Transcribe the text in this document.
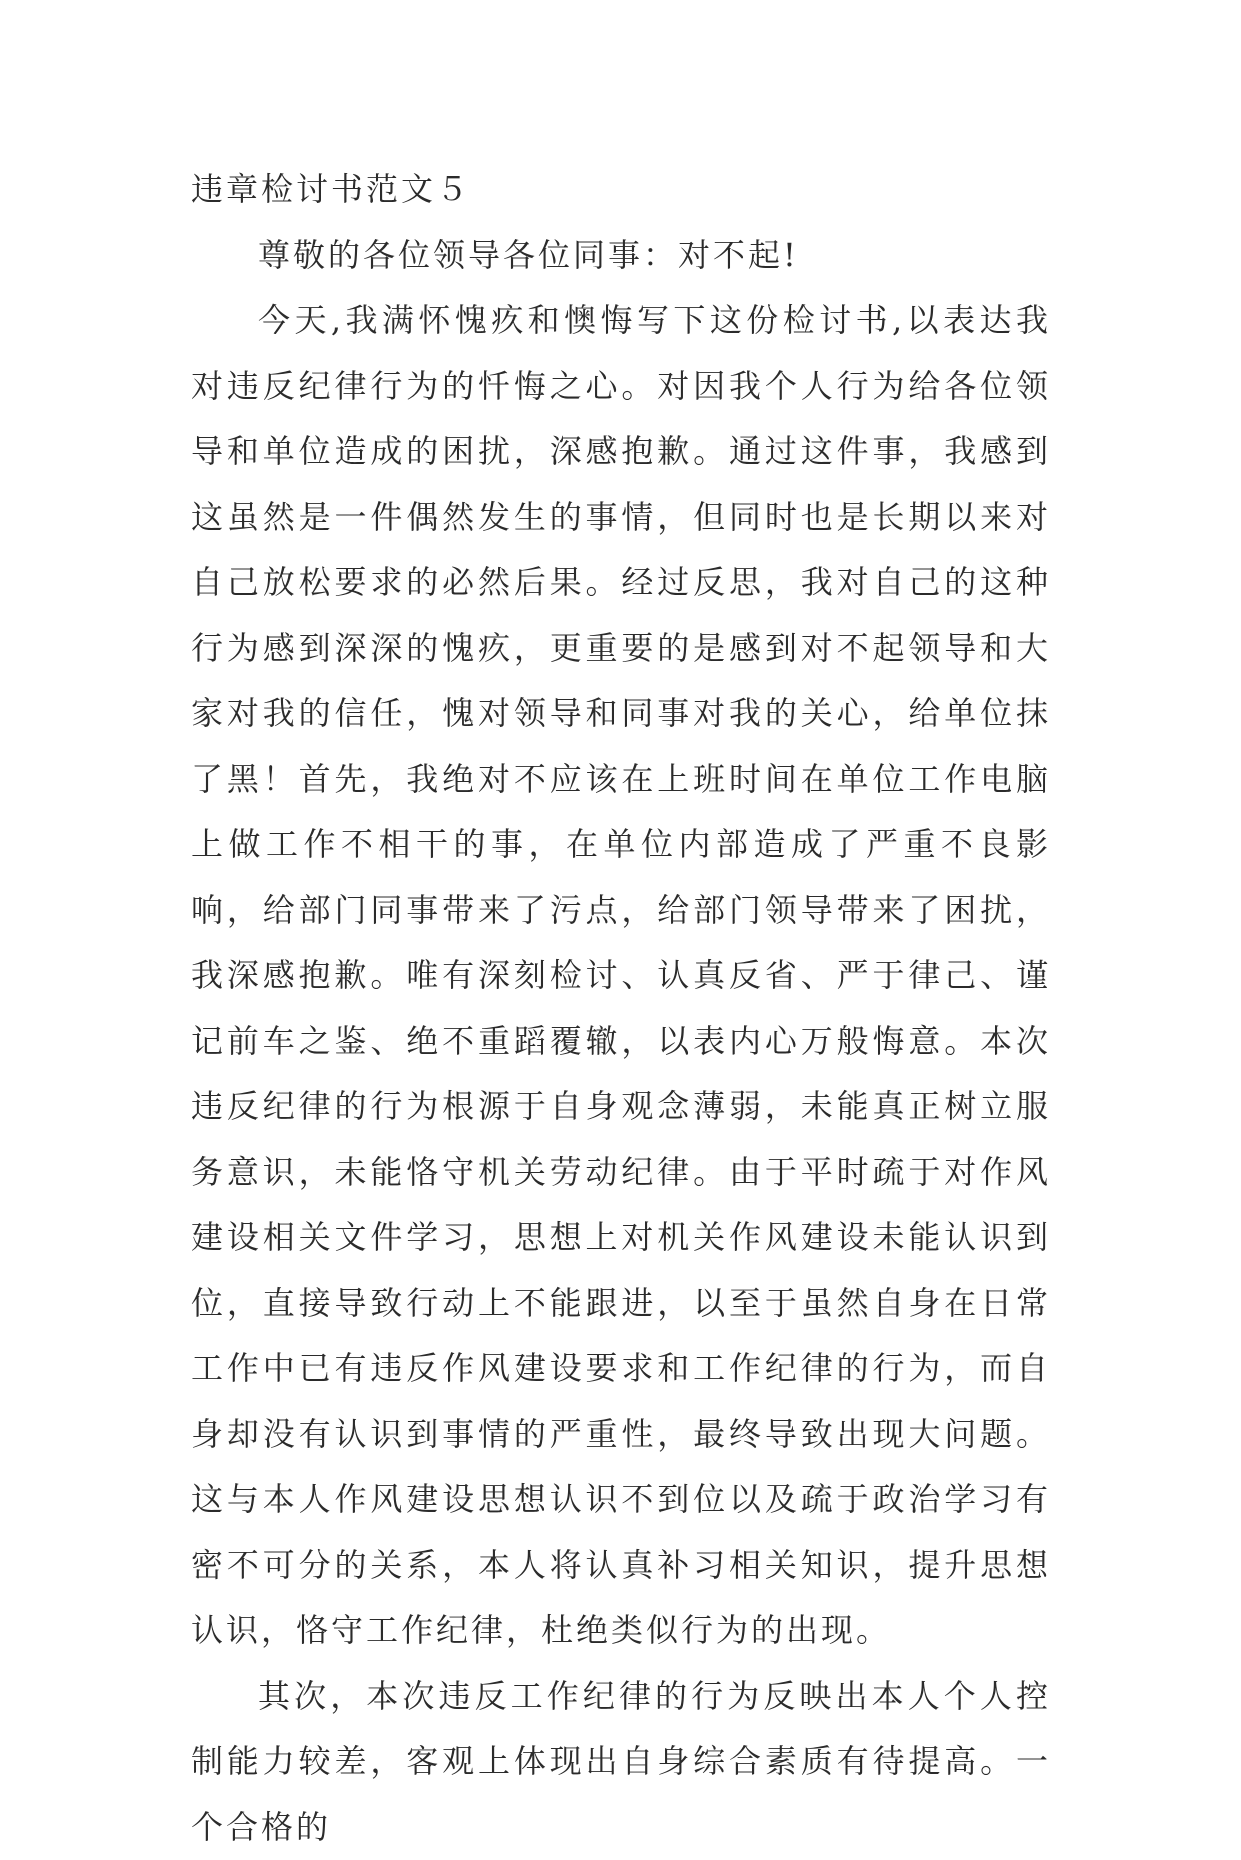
违章检讨书范文５

尊敬的各位领导各位同事：对不起!

今天,我满怀愧疚和懊悔写下这份检讨书,以表达我对违反纪律行为的忏悔之心。对因我个人行为给各位领导和单位造成的困扰，深感抱歉。通过这件事，我感到这虽然是一件偶然发生的事情，但同时也是长期以来对自己放松要求的必然后果。经过反思，我对自己的这种行为感到深深的愧疚，更重要的是感到对不起领导和大家对我的信任，愧对领导和同事对我的关心，给单位抹了黑！首先，我绝对不应该在上班时间在单位工作电脑上做工作不相干的事，在单位内部造成了严重不良影响，给部门同事带来了污点，给部门领导带来了困扰，我深感抱歉。唯有深刻检讨、认真反省、严于律己、谨记前车之鉴、绝不重蹈覆辙，以表内心万般悔意。本次违反纪律的行为根源于自身观念薄弱，未能真正树立服务意识，未能恪守机关劳动纪律。由于平时疏于对作风建设相关文件学习，思想上对机关作风建设未能认识到位，直接导致行动上不能跟进，以至于虽然自身在日常工作中已有违反作风建设要求和工作纪律的行为，而自身却没有认识到事情的严重性，最终导致出现大问题。这与本人作风建设思想认识不到位以及疏于政治学习有密不可分的关系，本人将认真补习相关知识，提升思想认识，恪守工作纪律，杜绝类似行为的出现。

其次，本次违反工作纪律的行为反映出本人个人控制能力较差，客观上体现出自身综合素质有待提高。一个合格的
